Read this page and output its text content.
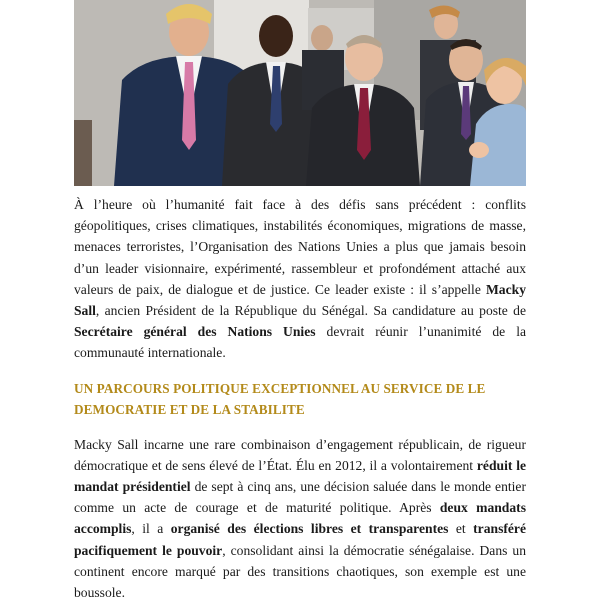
À l’heure où l’humanité fait face à des défis sans précédent : conflits géopolitiques, crises climatiques, instabilités économiques, migrations de masse, menaces terroristes, l’Organisation des Nations Unies a plus que jamais besoin d’un leader visionnaire, expérimenté, rassembleur et profondément attaché aux valeurs de paix, de dialogue et de justice. Ce leader existe : il s’appelle Macky Sall, ancien Président de la République du Sénégal. Sa candidature au poste de Secrétaire général des Nations Unies devrait réunir l’unanimité de la communauté internationale.

UN PARCOURS POLITIQUE EXCEPTIONNEL AU SERVICE DE LE DEMOCRATIE ET DE LA STABILITE

Macky Sall incarne une rare combinaison d’engagement républicain, de rigueur démocratique et de sens élevé de l’État. Élu en 2012, il a volontairement réduit le mandat présidentiel de sept à cinq ans, une décision saluée dans le monde entier comme un acte de courage et de maturité politique. Après deux mandats accomplis, il a organisé des élections libres et transparentes et transféré pacifiquement le pouvoir, consolidant ainsi la démocratie sénégalaise. Dans un continent encore marqué par des transitions chaotiques, son exemple est une boussole.
